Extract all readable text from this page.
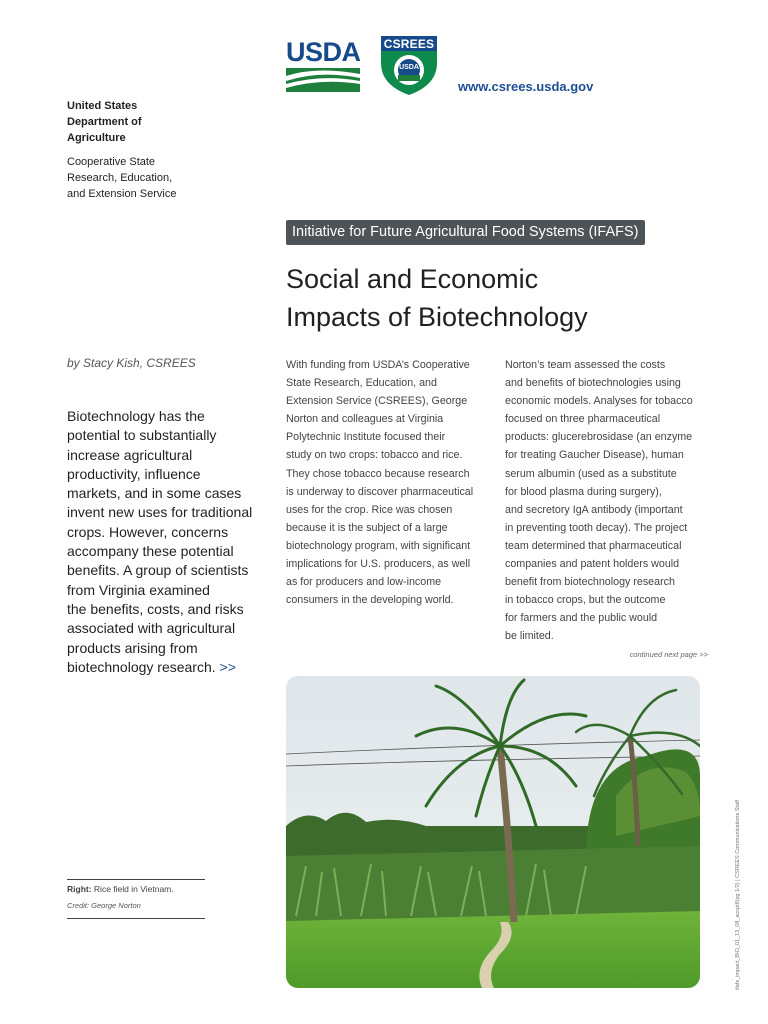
USDA CSREES
USDA
www.csrees.usda.gov
United States
Department of
Agriculture
Cooperative State
Research, Education,
and Extension Service
Initiative for Future Agricultural Food Systems (IFAFS)
Social and Economic
Impacts of Biotechnology
by Stacy Kish, CSREES
Biotechnology has the
potential to substantially
increase agricultural
productivity, influence
markets, and in some cases
invent new uses for traditional
crops. However, concerns
accompany these potential
benefits. A group of scientists
from Virginia examined
the benefits, costs, and risks
associated with agricultural
products arising from
biotechnology research. >>
With funding from USDA’s Cooperative
State Research, Education, and
Extension Service (CSREES), George
Norton and colleagues at Virginia
Polytechnic Institute focused their
study on two crops: tobacco and rice.
They chose tobacco because research
is underway to discover pharmaceutical
uses for the crop. Rice was chosen
because it is the subject of a large
biotechnology program, with significant
implications for U.S. producers, as well
as for producers and low-income
consumers in the developing world.
Norton’s team assessed the costs
and benefits of biotechnologies using
economic models. Analyses for tobacco
focused on three pharmaceutical
products: glucerebrosidase (an enzyme
for treating Gaucher Disease), human
serum albumin (used as a substitute
for blood plasma during surgery),
and secretory IgA antibody (important
in preventing tooth decay). The project
team determined that pharmaceutical
companies and patent holders would
benefit from biotechnology research
in tobacco crops, but the outcome
for farmers and the public would
be limited.
continued next page >>
Right: Rice field in Vietnam.
Credit: George Norton	ifafs_impact_BIO_01_13_08_accpt8(pg 1/2) | CSREES Communications Staff
